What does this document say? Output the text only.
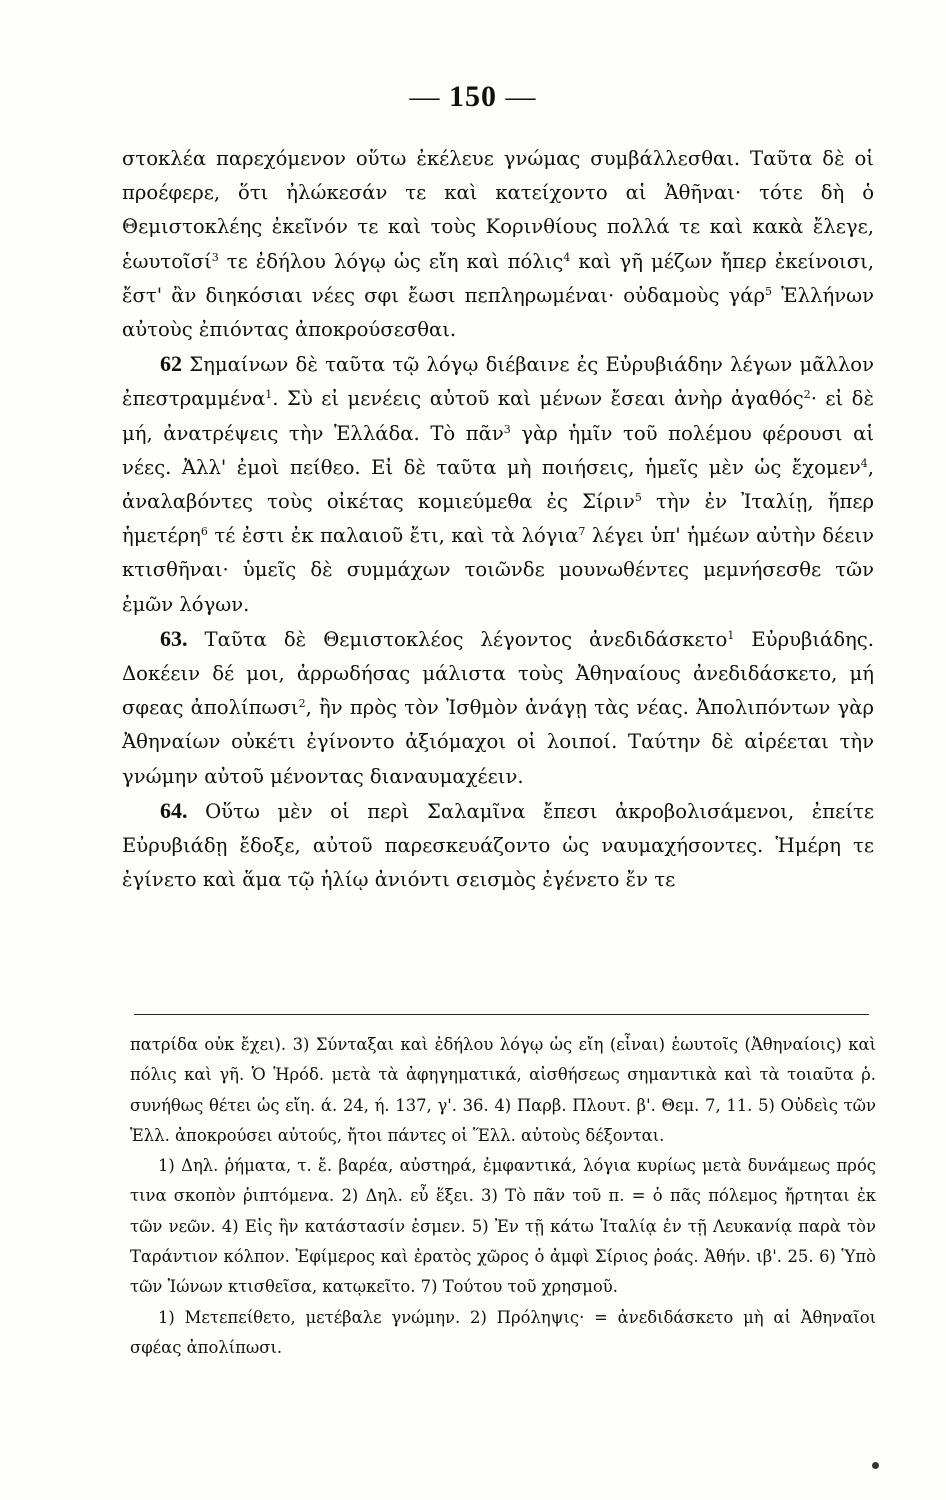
— 150 —

στοκλέα παρεχόμενον οὕτω ἐκέλευε γνώμας συμβάλλεσθαι. Ταῦτα δὲ οἱ προέφερε, ὅτι ἠλώκεσάν τε καὶ κατείχοντο αἱ Ἀθῆναι· τότε δὴ ὁ Θεμιστοκλέης ἐκεῖνόν τε καὶ τοὺς Κορινθίους πολλά τε καὶ κακὰ ἔλεγε, ἑωυτοῖσί$^3$ τε ἐδήλου λόγῳ ὡς εἴη καὶ πόλις$^4$ καὶ γῆ μέζων ἤπερ ἐκείνοισι, ἔστ' ἂν διηκόσιαι νέες σφι ἔωσι πεπληρωμέναι· οὐδαμοὺς γάρ$^5$ Ἑλλήνων αὐτοὺς ἐπιόντας ἀποκρούσεσθαι.

62 Σημαίνων δὲ ταῦτα τῷ λόγῳ διέβαινε ἐς Εὐρυβιάδην λέγων μᾶλλον ἐπεστραμμένα$^1$. Σὺ εἰ μενέεις αὐτοῦ καὶ μένων ἔσεαι ἀνὴρ ἀγαθός$^2$· εἰ δὲ μή, ἀνατρέψεις τὴν Ἑλλάδα. Τὸ πᾶν$^3$ γὰρ ἡμῖν τοῦ πολέμου φέρουσι αἱ νέες. Ἀλλ' ἐμοὶ πείθεο. Εἰ δὲ ταῦτα μὴ ποιήσεις, ἡμεῖς μὲν ὡς ἔχομεν$^4$, ἀναλαβόντες τοὺς οἰκέτας κομιεύμεθα ἐς Σίριν$^5$ τὴν ἐν Ἰταλίῃ, ἥπερ ἡμετέρη$^6$ τέ ἐστι ἐκ παλαιοῦ ἔτι, καὶ τὰ λόγια$^7$ λέγει ὑπ' ἡμέων αὐτὴν δέειν κτισθῆναι· ὑμεῖς δὲ συμμάχων τοιῶνδε μουνωθέντες μεμνήσεσθε τῶν ἐμῶν λόγων.

63. Ταῦτα δὲ Θεμιστοκλέος λέγοντος ἀνεδιδάσκετο$^1$ Εὐρυβιάδης. Δοκέειν δέ μοι, ἀρρωδήσας μάλιστα τοὺς Ἀθηναίους ἀνεδιδάσκετο, μή σφεας ἀπολίπωσι$^2$, ἢν πρὸς τὸν Ἰσθμὸν ἀνάγῃ τὰς νέας. Ἀπολιπόντων γὰρ Ἀθηναίων οὐκέτι ἐγίνοντο ἀξιόμαχοι οἱ λοιποί. Ταύτην δὲ αἱρέεται τὴν γνώμην αὐτοῦ μένοντας διαναυμαχέειν.

64. Οὕτω μὲν οἱ περὶ Σαλαμῖνα ἔπεσι ἀκροβολισάμενοι, ἐπείτε Εὐρυβιάδῃ ἔδοξε, αὐτοῦ παρεσκευάζοντο ὡς ναυμαχήσοντες. Ἡμέρη τε ἐγίνετο καὶ ἅμα τῷ ἡλίῳ ἀνιόντι σεισμὸς ἐγένετο ἔν τε

πατρίδα οὐκ ἔχει). 3) Σύνταξαι καὶ ἐδήλου λόγῳ ὡς εἴη (εἶναι) ἑωυτοῖς (Ἀθηναίοις) καὶ πόλις καὶ γῆ. Ὁ Ἡρόδ. μετὰ τὰ ἀφηγηματικά, αἰσθήσεως σημαντικὰ καὶ τὰ τοιαῦτα ῥ. συνήθως θέτει ὡς εἴη. ά. 24, ή. 137, γ'. 36. 4) Παρβ. Πλουτ. β'. Θεμ. 7, 11. 5) Οὐδεὶς τῶν Ἑλλ. ἀποκρούσει αὐτούς, ἤτοι πάντες οἱ Ἕλλ. αὐτοὺς δέξονται.

1) Δηλ. ῥήματα, τ. ἔ. βαρέα, αὐστηρά, ἐμφαντικά, λόγια κυρίως μετὰ δυνάμεως πρός τινα σκοπὸν ῥιπτόμενα. 2) Δηλ. εὖ ἕξει. 3) Τὸ πᾶν τοῦ π. = ὁ πᾶς πόλεμος ἤρτηται ἐκ τῶν νεῶν. 4) Εἰς ἣν κατάστασίν ἐσμεν. 5) Ἐν τῇ κάτω Ἰταλίᾳ ἐν τῇ Λευκανίᾳ παρὰ τὸν Ταράντιον κόλπον. Ἐφίμερος καὶ ἐρατὸς χῶρος ὁ ἀμφὶ Σίριος ῥοάς. Ἀθήν. ιβ'. 25. 6) Ὑπὸ τῶν Ἰώνων κτισθεῖσα, κατῳκεῖτο. 7) Τούτου τοῦ χρησμοῦ.

1) Μετεπείθετο, μετέβαλε γνώμην. 2) Πρόληψις· = ἀνεδιδάσκετο μὴ αἱ Ἀθηναῖοι σφέας ἀπολίπωσι.
